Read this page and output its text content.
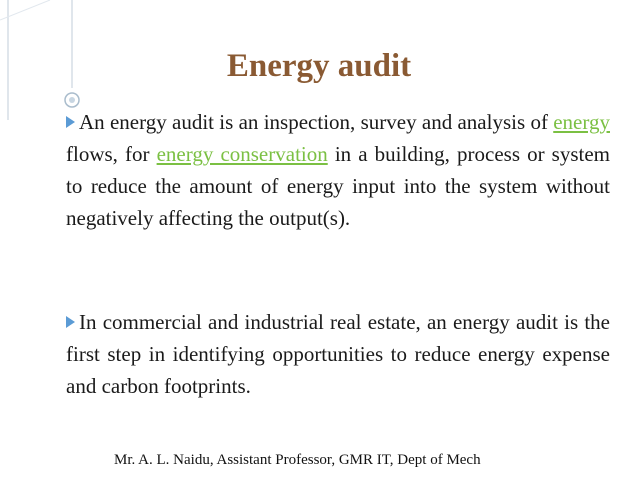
Energy audit

An energy audit is an inspection, survey and analysis of energy flows, for energy conservation in a building, process or system to reduce the amount of energy input into the system without negatively affecting the output(s).

In commercial and industrial real estate, an energy audit is the first step in identifying opportunities to reduce energy expense and carbon footprints.

Mr. A. L. Naidu, Assistant Professor, GMR IT, Dept of Mech
